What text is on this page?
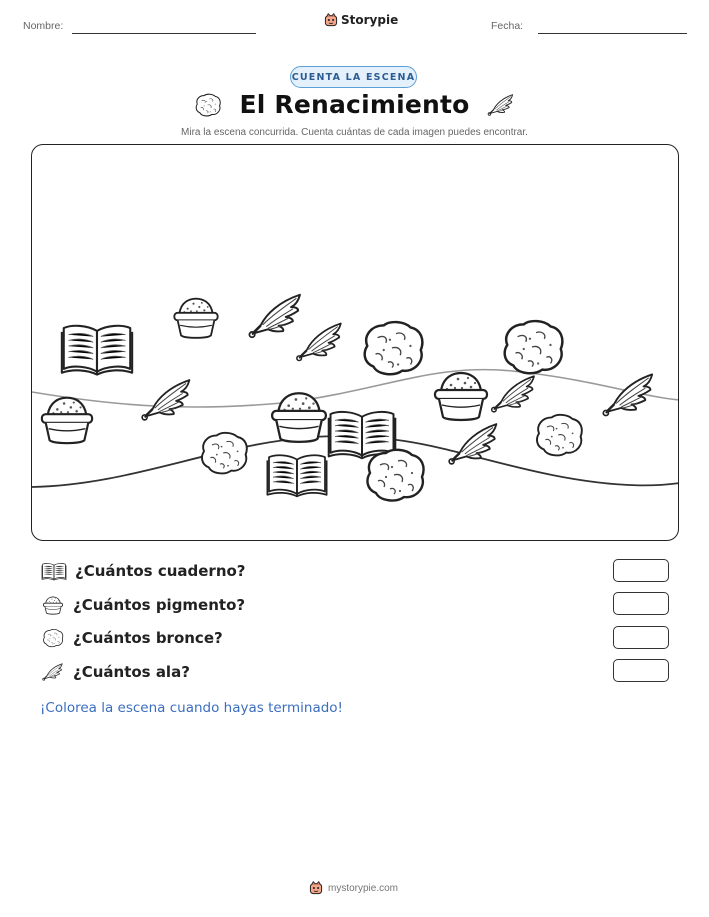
Nombre:	Storypie	Fecha:
CUENTA LA ESCENA
El Renacimiento
Mira la escena concurrida. Cuenta cuántas de cada imagen puedes encontrar.
¿Cuántos cuaderno?
¿Cuántos pigmento?
¿Cuántos bronce?
¿Cuántos ala?
¡Colorea la escena cuando hayas terminado!
mystorypie.com
